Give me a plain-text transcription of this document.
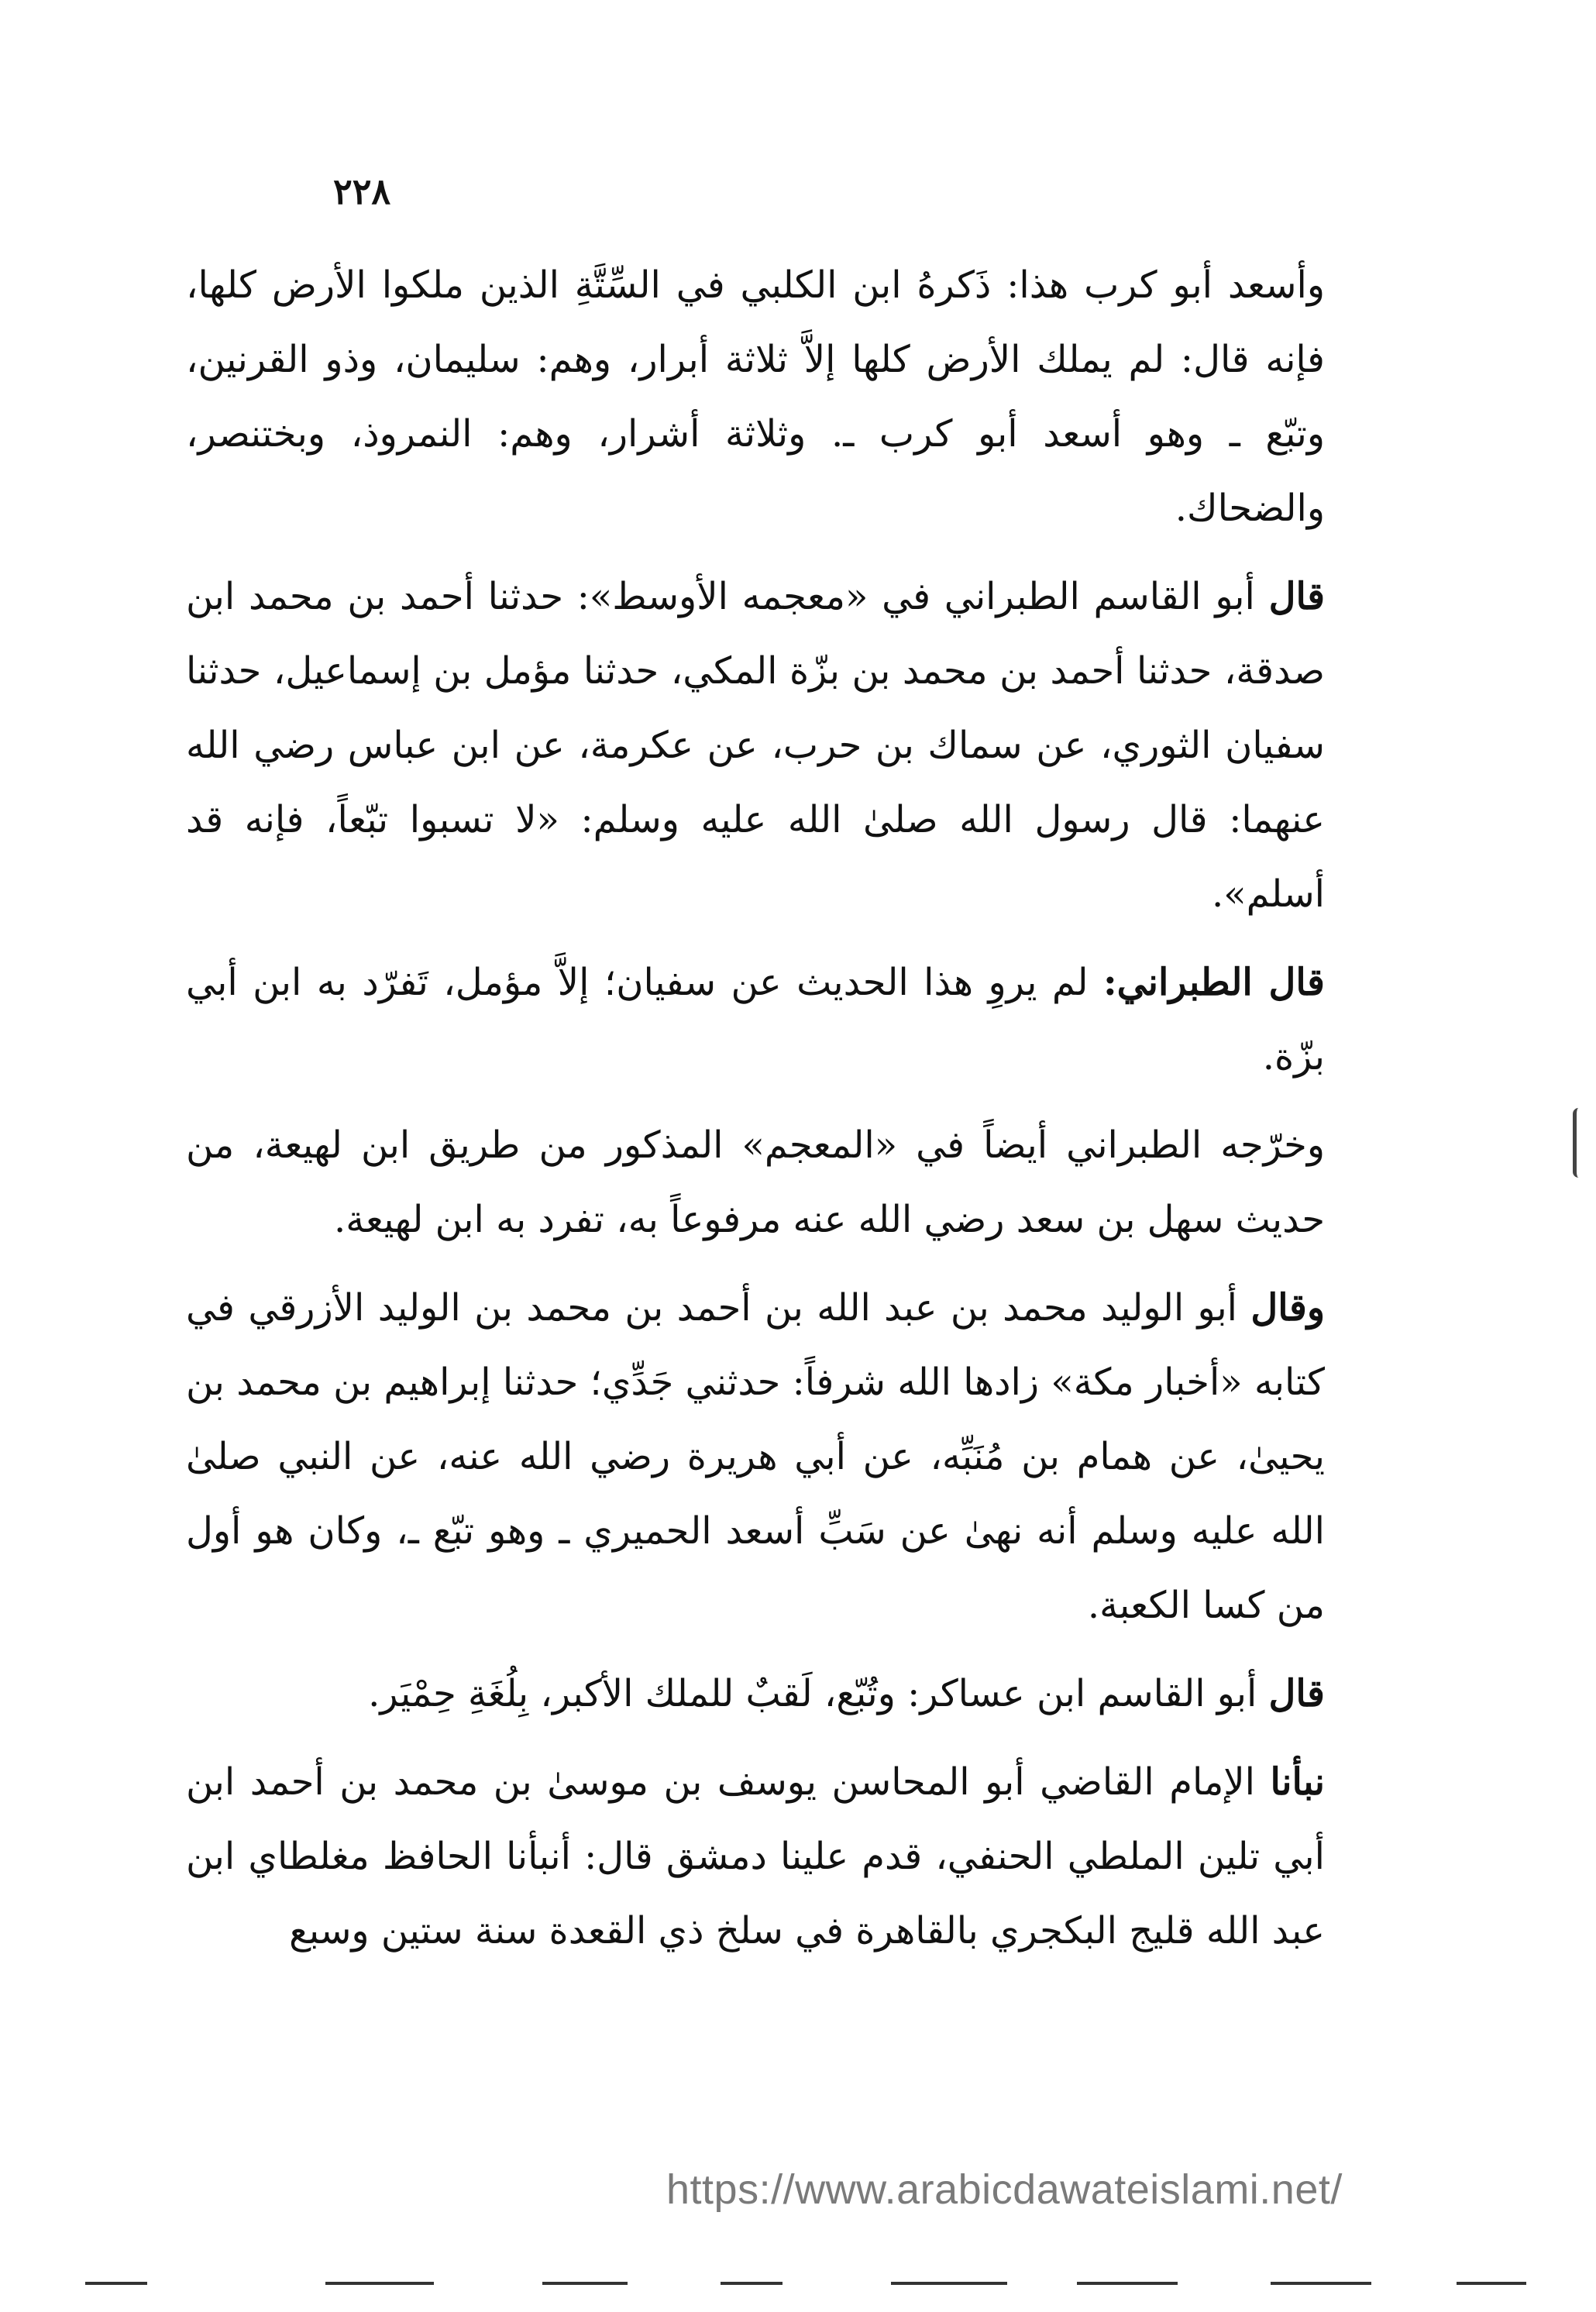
٢٢٨

وأسعد أبو كرب هذا: ذَكرهُ ابن الكلبي في السِّتَّةِ الذين ملكوا الأرض كلها، فإنه قال: لم يملك الأرض كلها إلاَّ ثلاثة أبرار، وهم: سليمان، وذو القرنين، وتبّع ـ وهو أسعد أبو كرب ـ. وثلاثة أشرار، وهم: النمروذ، وبختنصر، والضحاك.

قال أبو القاسم الطبراني في «معجمه الأوسط»: حدثنا أحمد بن محمد ابن صدقة، حدثنا أحمد بن محمد بن بزّة المكي، حدثنا مؤمل بن إسماعيل، حدثنا سفيان الثوري، عن سماك بن حرب، عن عكرمة، عن ابن عباس رضي الله عنهما: قال رسول الله صلىٰ الله عليه وسلم: «لا تسبوا تبّعاً، فإنه قد أسلم».

قال الطبراني: لم يروِ هذا الحديث عن سفيان؛ إلاَّ مؤمل، تَفرّد به ابن أبي بزّة.

وخرّجه الطبراني أيضاً في «المعجم» المذكور من طريق ابن لهيعة، من حديث سهل بن سعد رضي الله عنه مرفوعاً به، تفرد به ابن لهيعة.

وقال أبو الوليد محمد بن عبد الله بن أحمد بن محمد بن الوليد الأزرقي في كتابه «أخبار مكة» زادها الله شرفاً: حدثني جَدِّي؛ حدثنا إبراهيم بن محمد بن يحيىٰ، عن همام بن مُنَبِّه، عن أبي هريرة رضي الله عنه، عن النبي صلىٰ الله عليه وسلم أنه نهىٰ عن سَبِّ أسعد الحميري ـ وهو تبّع ـ، وكان هو أول من كسا الكعبة.

قال أبو القاسم ابن عساكر: وتُبّع، لَقبٌ للملك الأكبر، بِلُغَةِ حِمْيَر.

نبأنا الإمام القاضي أبو المحاسن يوسف بن موسىٰ بن محمد بن أحمد ابن أبي تلين الملطي الحنفي، قدم علينا دمشق قال: أنبأنا الحافظ مغلطاي ابن عبد الله قليج البكجري بالقاهرة في سلخ ذي القعدة سنة ستين وسبع

https://www.arabicdawateislami.net/
